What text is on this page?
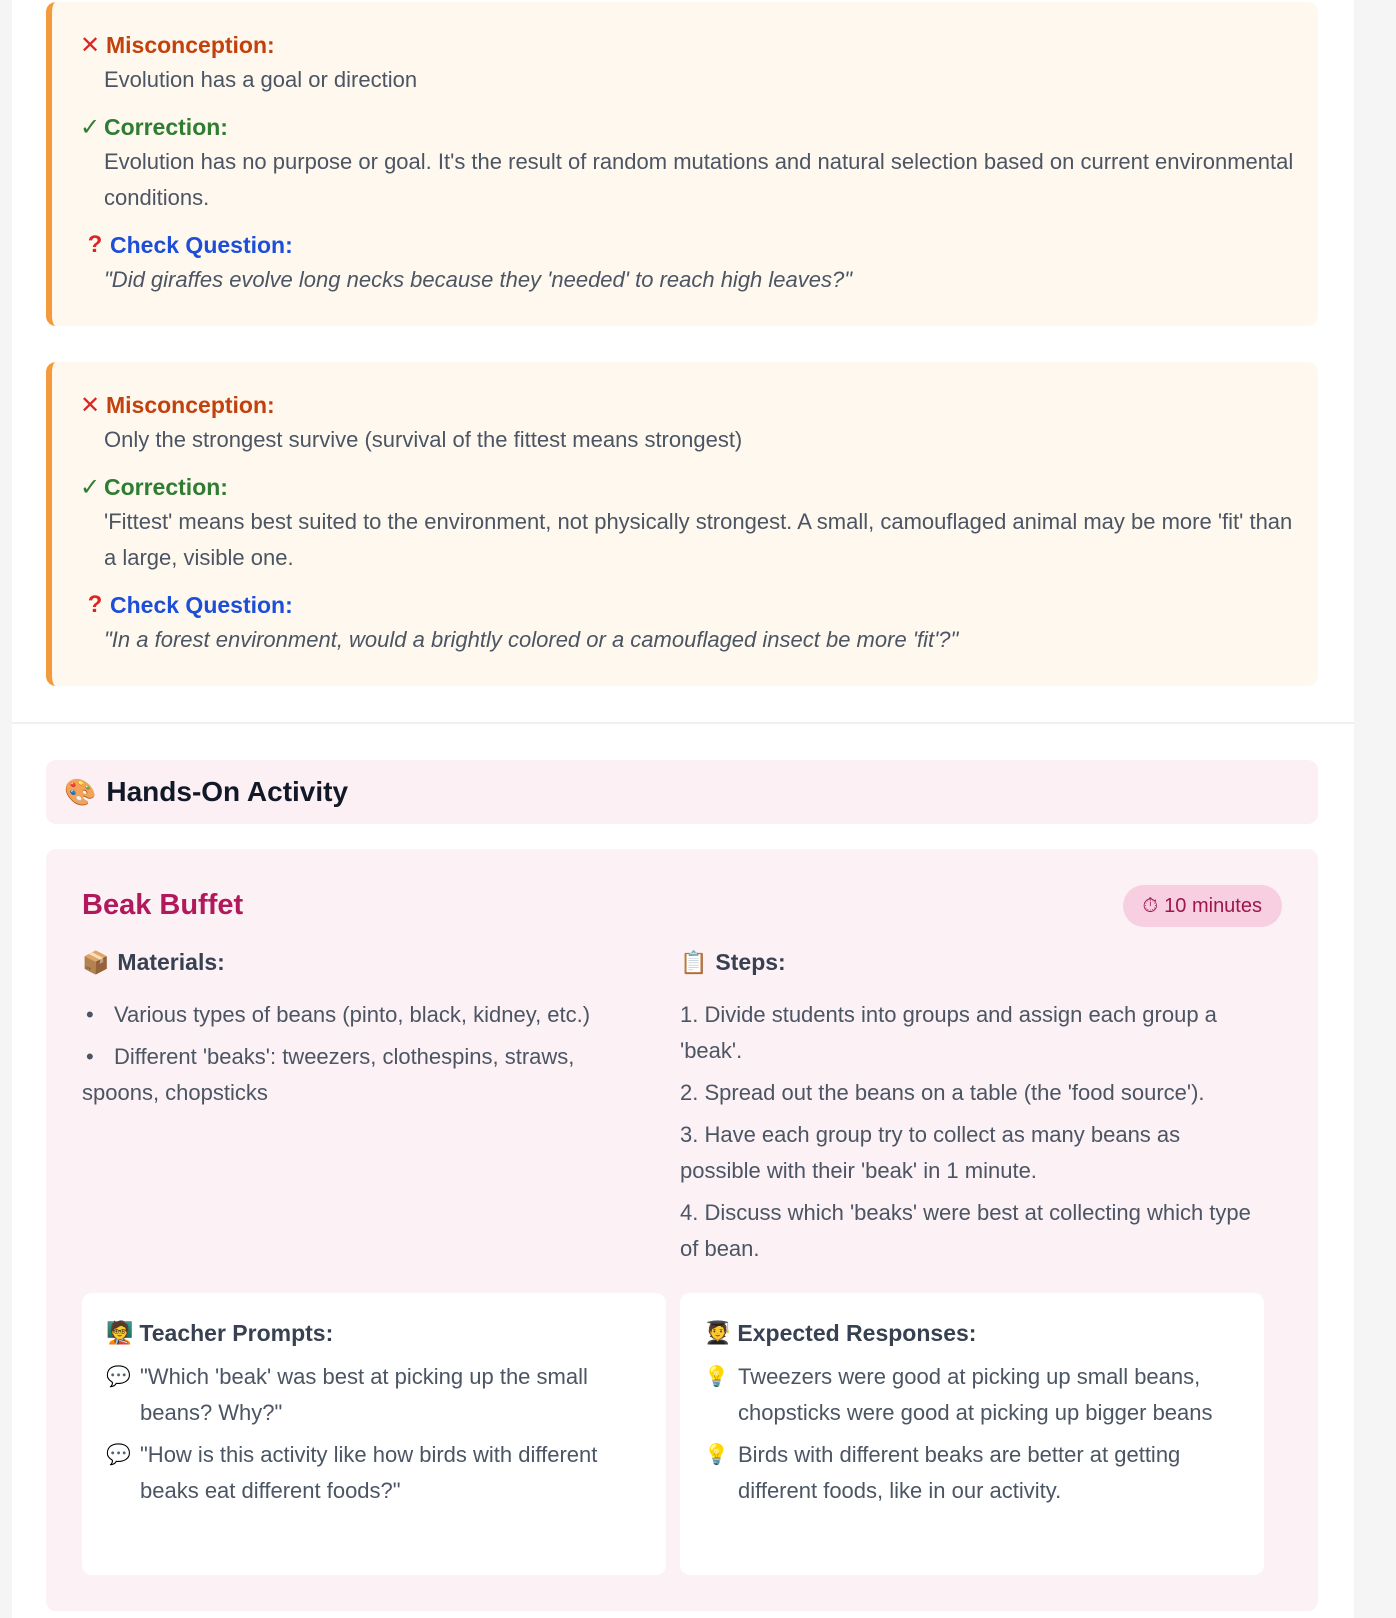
✕ Misconception:
Evolution has a goal or direction
✓ Correction:
Evolution has no purpose or goal. It's the result of random mutations and natural selection based on current environmental conditions.
? Check Question:
"Did giraffes evolve long necks because they 'needed' to reach high leaves?"
✕ Misconception:
Only the strongest survive (survival of the fittest means strongest)
✓ Correction:
'Fittest' means best suited to the environment, not physically strongest. A small, camouflaged animal may be more 'fit' than a large, visible one.
? Check Question:
"In a forest environment, would a brightly colored or a camouflaged insect be more 'fit'?"
🎨 Hands-On Activity
Beak Buffet	⏱ 10 minutes
📦 Materials:
• Various types of beans (pinto, black, kidney, etc.)
• Different 'beaks': tweezers, clothespins, straws, spoons, chopsticks
📋 Steps:
1. Divide students into groups and assign each group a 'beak'.
2. Spread out the beans on a table (the 'food source').
3. Have each group try to collect as many beans as possible with their 'beak' in 1 minute.
4. Discuss which 'beaks' were best at collecting which type of bean.
🧑‍🏫 Teacher Prompts:
💬 "Which 'beak' was best at picking up the small beans? Why?"
💬 "How is this activity like how birds with different beaks eat different foods?"
🧑‍🎓 Expected Responses:
💡 Tweezers were good at picking up small beans, chopsticks were good at picking up bigger beans
💡 Birds with different beaks are better at getting different foods, like in our activity.
